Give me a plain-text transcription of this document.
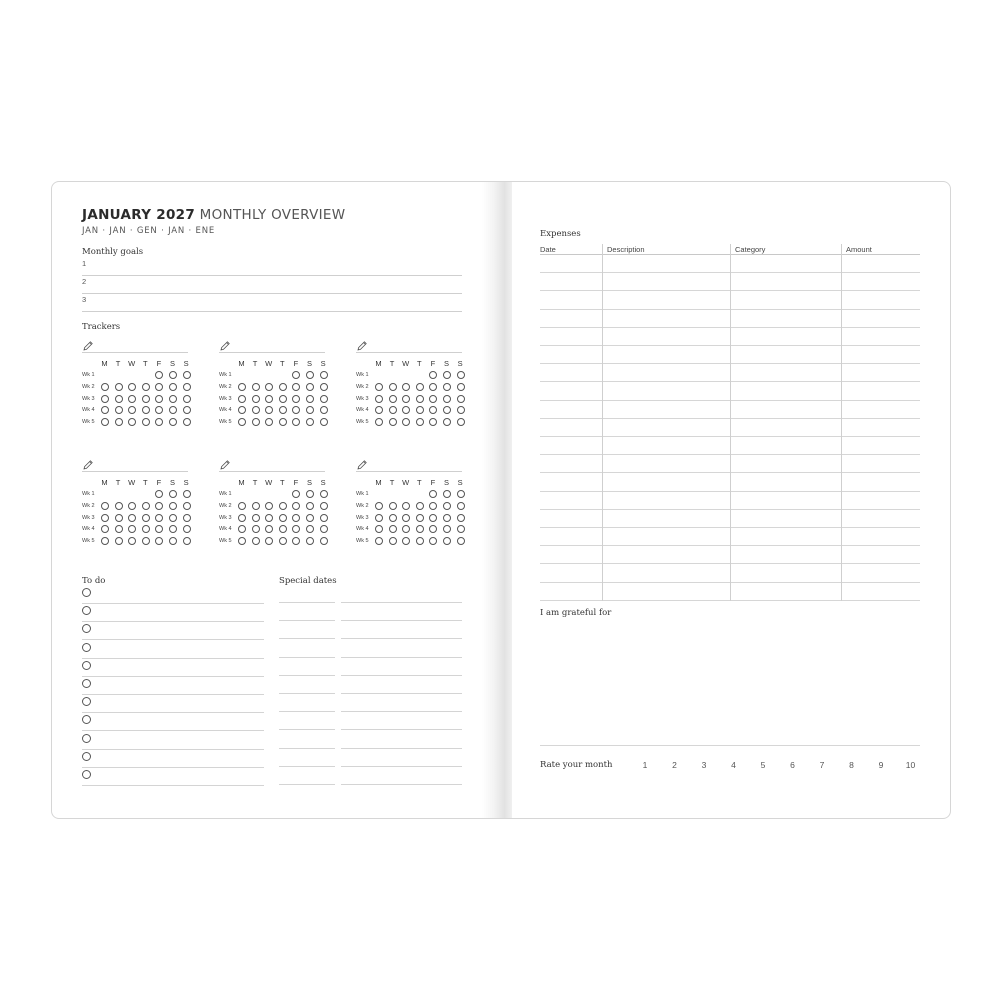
JANUARY 2027 MONTHLY OVERVIEW
JAN · JAN · GEN · JAN · ENE
Monthly goals
1
2
3
Trackers
M	T	W	T	F	S	S
Wk 1
Wk 2
Wk 3
Wk 4
Wk 5
M	T	W	T	F	S	S
Wk 1
Wk 2
Wk 3
Wk 4
Wk 5
M	T	W	T	F	S	S
Wk 1
Wk 2
Wk 3
Wk 4
Wk 5
M	T	W	T	F	S	S
Wk 1
Wk 2
Wk 3
Wk 4
Wk 5
M	T	W	T	F	S	S
Wk 1
Wk 2
Wk 3
Wk 4
Wk 5
M	T	W	T	F	S	S
Wk 1
Wk 2
Wk 3
Wk 4
Wk 5
To do	Special dates
Expenses
Date	Description	Category	Amount
I am grateful for
Rate your month	1	2	3	4	5	6	7	8	9	10
